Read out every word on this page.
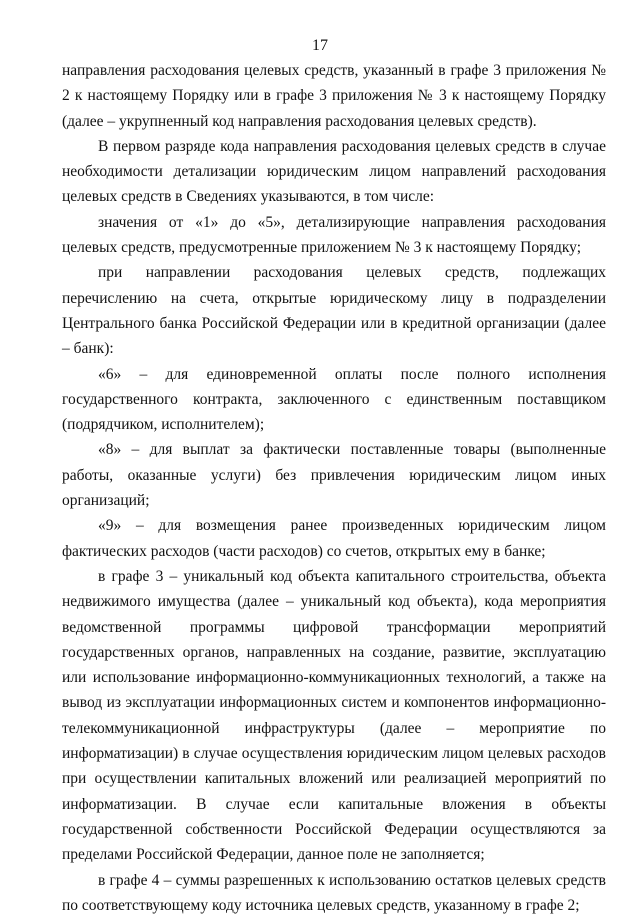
17

направления расходования целевых средств, указанный в графе 3 приложения № 2 к настоящему Порядку или в графе 3 приложения № 3 к настоящему Порядку (далее – укрупненный код направления расходования целевых средств).

В первом разряде кода направления расходования целевых средств в случае необходимости детализации юридическим лицом направлений расходования целевых средств в Сведениях указываются, в том числе:

значения от «1» до «5», детализирующие направления расходования целевых средств, предусмотренные приложением № 3 к настоящему Порядку;

при направлении расходования целевых средств, подлежащих перечислению на счета, открытые юридическому лицу в подразделении Центрального банка Российской Федерации или в кредитной организации (далее – банк):

«6» – для единовременной оплаты после полного исполнения государственного контракта, заключенного с единственным поставщиком (подрядчиком, исполнителем);

«8» – для выплат за фактически поставленные товары (выполненные работы, оказанные услуги) без привлечения юридическим лицом иных организаций;

«9» – для возмещения ранее произведенных юридическим лицом фактических расходов (части расходов) со счетов, открытых ему в банке;

в графе 3 – уникальный код объекта капитального строительства, объекта недвижимого имущества (далее – уникальный код объекта), кода мероприятия ведомственной программы цифровой трансформации мероприятий государственных органов, направленных на создание, развитие, эксплуатацию или использование информационно-коммуникационных технологий, а также на вывод из эксплуатации информационных систем и компонентов информационно-телекоммуникационной инфраструктуры (далее – мероприятие по информатизации) в случае осуществления юридическим лицом целевых расходов при осуществлении капитальных вложений или реализацией мероприятий по информатизации. В случае если капитальные вложения в объекты государственной собственности Российской Федерации осуществляются за пределами Российской Федерации, данное поле не заполняется;

в графе 4 – суммы разрешенных к использованию остатков целевых средств по соответствующему коду источника целевых средств, указанному в графе 2;
